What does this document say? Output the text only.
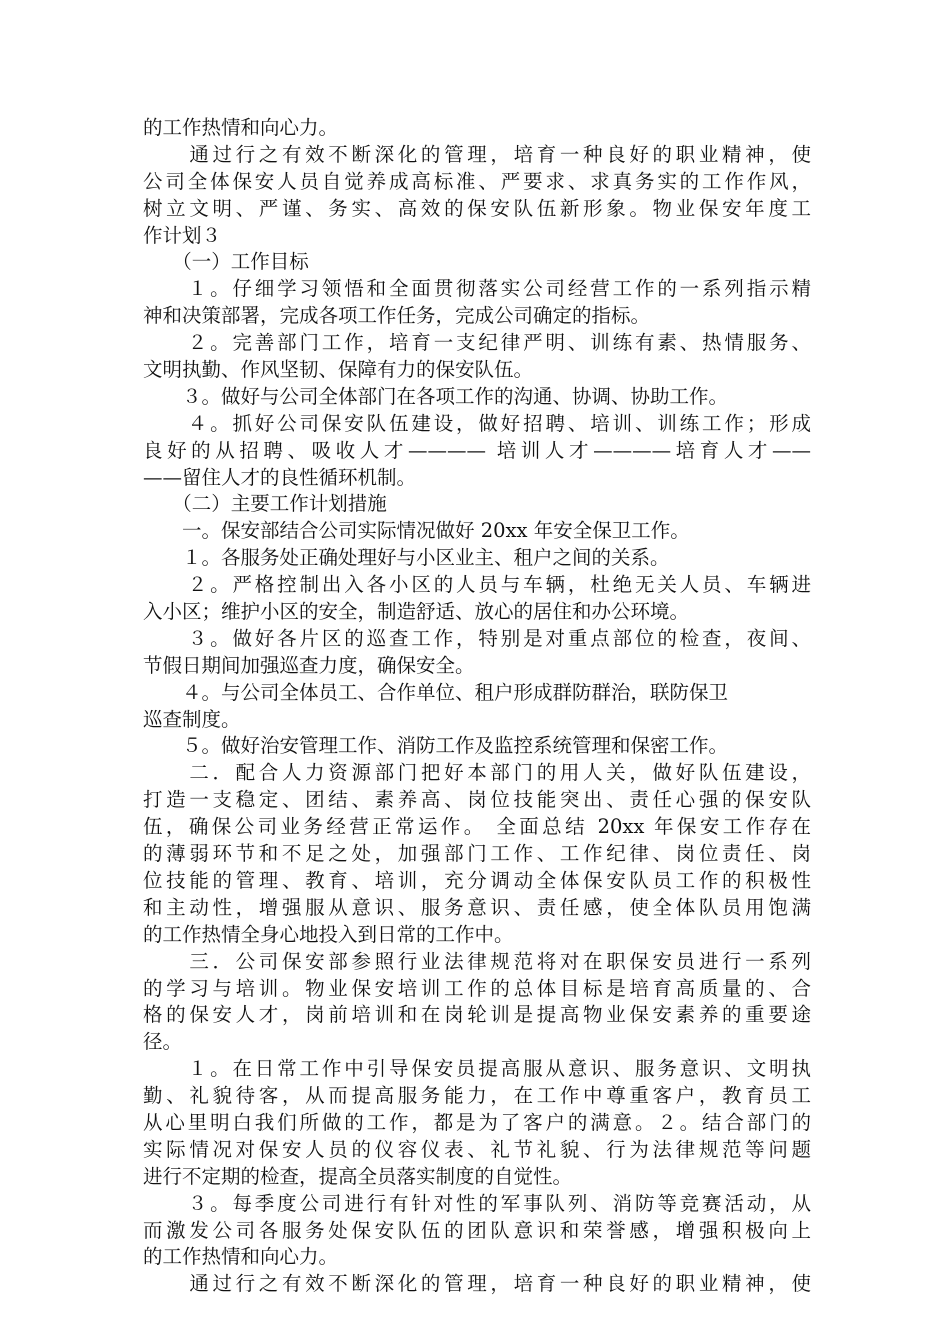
的工作热情和向心力。
　　通过行之有效不断深化的管理，培育一种良好的职业精神，使
公司全体保安人员自觉养成高标准、严要求、求真务实的工作作风，
树立文明、严谨、务实、高效的保安队伍新形象。物业保安年度工
作计划３
　　（一）工作目标
　　１。仔细学习领悟和全面贯彻落实公司经营工作的一系列指示精
神和决策部署，完成各项工作任务，完成公司确定的指标。
　　２。完善部门工作，培育一支纪律严明、训练有素、热情服务、
文明执勤、作风坚韧、保障有力的保安队伍。
　　３。做好与公司全体部门在各项工作的沟通、协调、协助工作。
　　４。抓好公司保安队伍建设，做好招聘、培训、训练工作；形成
良好的从招聘、吸收人才———— 培训人才————培育人才——
——留住人才的良性循环机制。
　　（二）主要工作计划措施
　　一。保安部结合公司实际情况做好 20xx 年安全保卫工作。
　　１。各服务处正确处理好与小区业主、租户之间的关系。
　　２。严格控制出入各小区的人员与车辆，杜绝无关人员、车辆进
入小区；维护小区的安全，制造舒适、放心的居住和办公环境。
　　３。做好各片区的巡查工作，特别是对重点部位的检查，夜间、
节假日期间加强巡查力度，确保安全。
　　４。与公司全体员工、合作单位、租户形成群防群治，联防保卫
巡查制度。
　　５。做好治安管理工作、消防工作及监控系统管理和保密工作。
　　二．配合人力资源部门把好本部门的用人关，做好队伍建设，
打造一支稳定、团结、素养高、岗位技能突出、责任心强的保安队
伍，确保公司业务经营正常运作。 全面总结 20xx 年保安工作存在
的薄弱环节和不足之处，加强部门工作、工作纪律、岗位责任、岗
位技能的管理、教育、培训，充分调动全体保安队员工作的积极性
和主动性，增强服从意识、服务意识、责任感，使全体队员用饱满
的工作热情全身心地投入到日常的工作中。
　　三．公司保安部参照行业法律规范将对在职保安员进行一系列
的学习与培训。物业保安培训工作的总体目标是培育高质量的、合
格的保安人才，岗前培训和在岗轮训是提高物业保安素养的重要途
径。
　　１。在日常工作中引导保安员提高服从意识、服务意识、文明执
勤、礼貌待客，从而提高服务能力，在工作中尊重客户，教育员工
从心里明白我们所做的工作，都是为了客户的满意。２。结合部门的
实际情况对保安人员的仪容仪表、礼节礼貌、行为法律规范等问题
进行不定期的检查，提高全员落实制度的自觉性。
　　３。每季度公司进行有针对性的军事队列、消防等竞赛活动，从
而激发公司各服务处保安队伍的团队意识和荣誉感，增强积极向上
的工作热情和向心力。
　　通过行之有效不断深化的管理，培育一种良好的职业精神，使
